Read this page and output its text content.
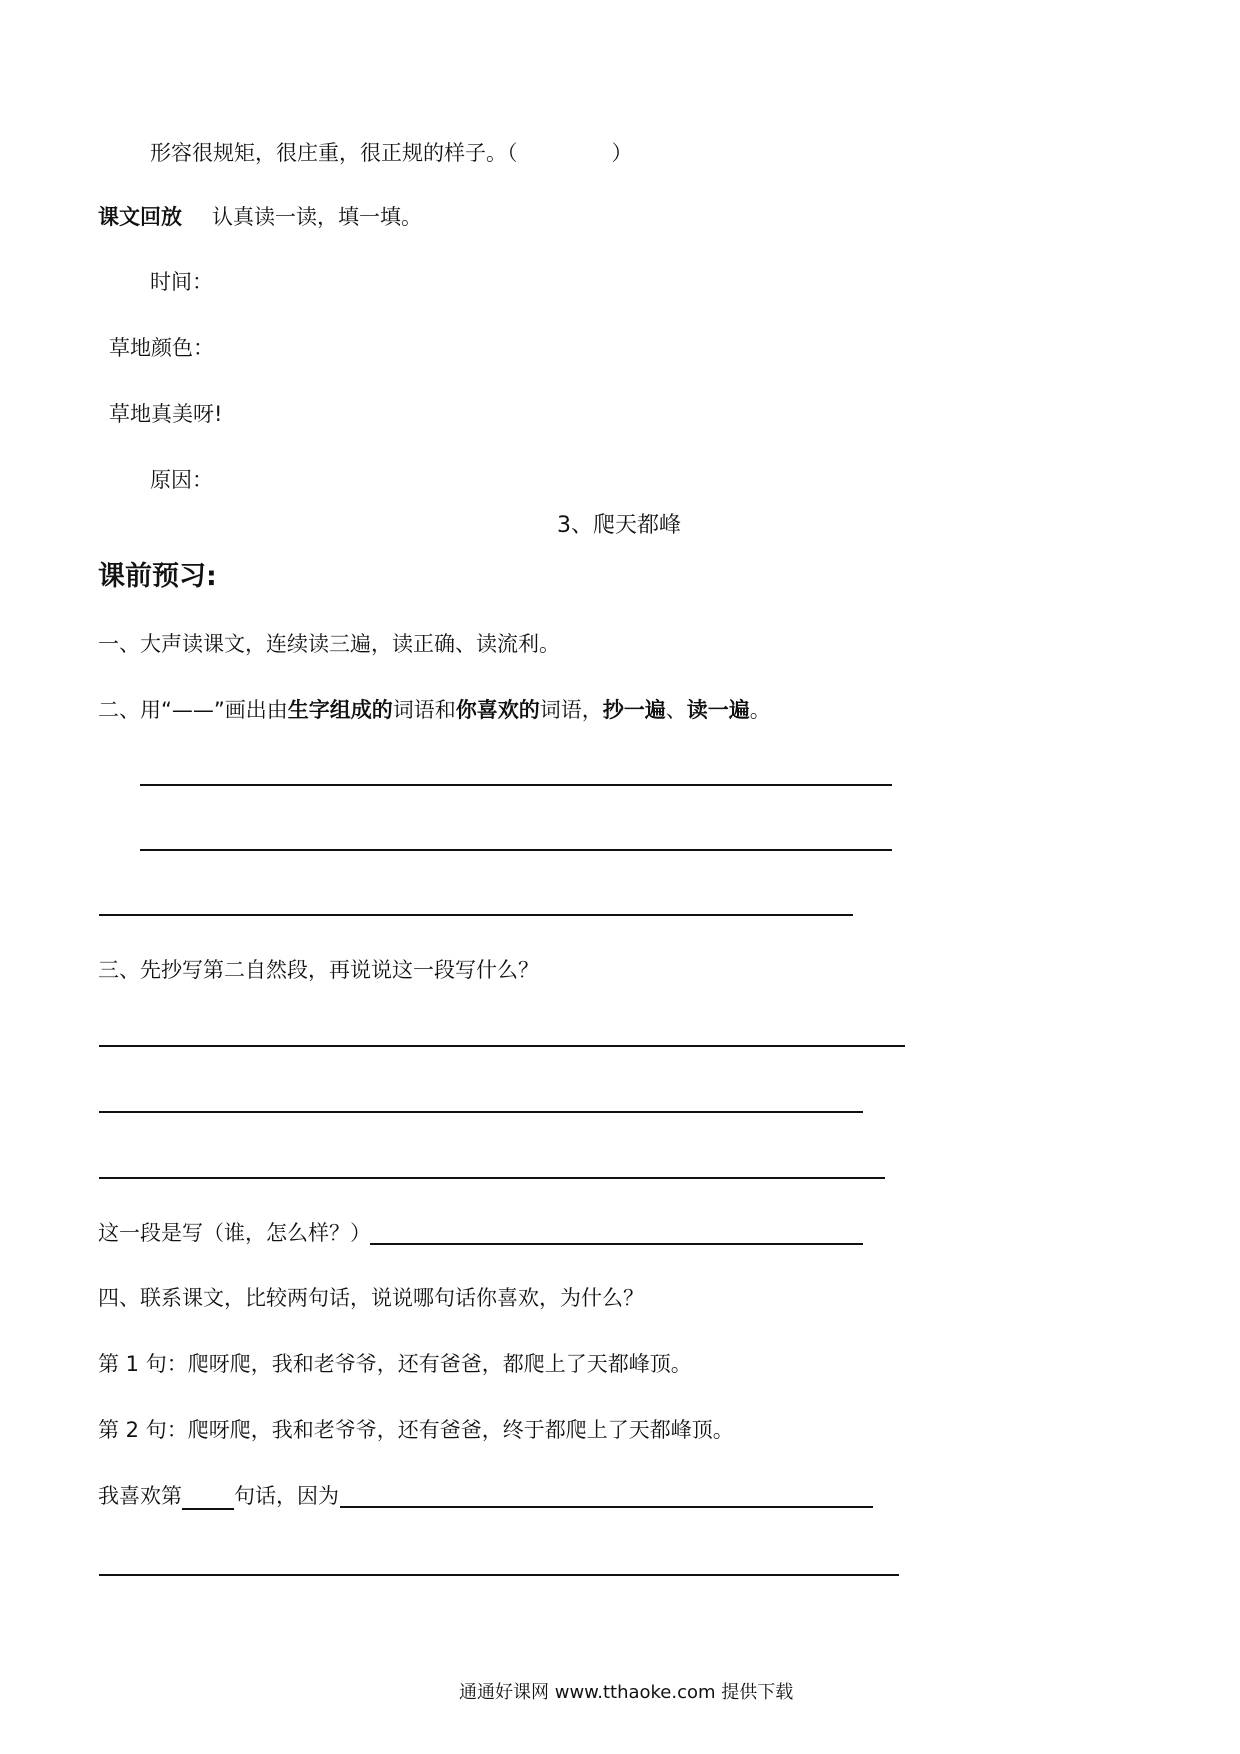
形容很规矩，很庄重，很正规的样子。（	）
课文回放 认真读一读，填一填。
时间：
草地颜色：
草地真美呀!
原因：
3、爬天都峰
课前预习:
一、大声读课文，连续读三遍，读正确、读流利。
二、用“——”画出由生字组成的词语和你喜欢的词语，抄一遍、读一遍。
三、先抄写第二自然段，再说说这一段写什么？
这一段是写（谁，怎么样？）
四、联系课文，比较两句话，说说哪句话你喜欢，为什么？
第 1 句：爬呀爬，我和老爷爷，还有爸爸，都爬上了天都峰顶。
第 2 句：爬呀爬，我和老爷爷，还有爸爸，终于都爬上了天都峰顶。
我喜欢第 句话，因为
通通好课网 www.tthaoke.com 提供下载
